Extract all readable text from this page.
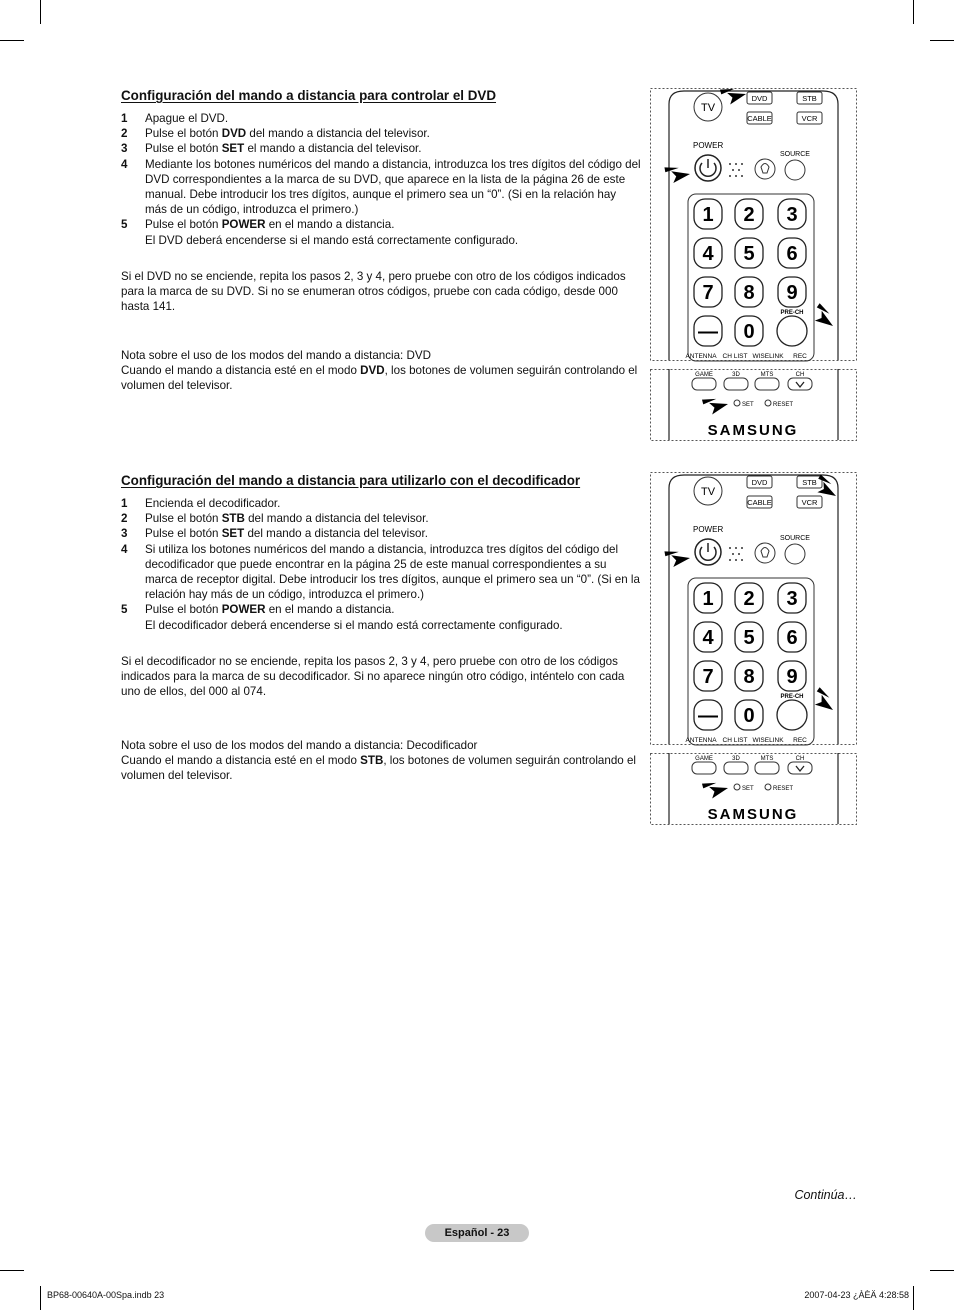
Configuración del mando a distancia para controlar el DVD
1	Apague el DVD.
2	Pulse el botón DVD del mando a distancia del televisor.
3	Pulse el botón SET el mando a distancia del televisor.
4	Mediante los botones numéricos del mando a distancia, introduzca los tres dígitos del código del DVD correspondientes a la marca de su DVD, que aparece en la lista de la página 26 de este manual. Debe introducir los tres dígitos, aunque el primero sea un “0”. (Si en la relación hay más de un código, introduzca el primero.)
5	Pulse el botón POWER en el mando a distancia.
El DVD deberá encenderse si el mando está correctamente configurado.

Si el DVD no se enciende, repita los pasos 2, 3 y 4, pero pruebe con otro de los códigos indicados para la marca de su DVD. Si no se enumeran otros códigos, pruebe con cada código, desde 000 hasta 141.

Nota sobre el uso de los modos del mando a distancia: DVD
Cuando el mando a distancia esté en el modo DVD, los botones de volumen seguirán controlando el volumen del televisor.

TV
DVD	STB
CABLE	VCR
POWER
SOURCE
1 2 3
4 5 6
7 8 9
— 0
PRE-CH
ANTENNA CH LIST WISELINK REC
GAME	3D	MTS	CH
SET	RESET
SAMSUNG
Configuración del mando a distancia para utilizarlo con el decodificador
1	Encienda el decodificador.
2	Pulse el botón STB del mando a distancia del televisor.
3	Pulse el botón SET del mando a distancia del televisor.
4	Si utiliza los botones numéricos del mando a distancia, introduzca tres dígitos del código del decodificador que puede encontrar en la página 25 de este manual correspondientes a su marca de receptor digital. Debe introducir los tres dígitos, aunque el primero sea un “0”. (Si en la relación hay más de un código, introduzca el primero.)
5	Pulse el botón POWER en el mando a distancia.
El decodificador deberá encenderse si el mando está correctamente configurado.

Si el decodificador no se enciende, repita los pasos 2, 3 y 4, pero pruebe con otro de los códigos indicados para la marca de su decodificador. Si no aparece ningún otro código, inténtelo con cada uno de ellos, del 000 al 074.

Nota sobre el uso de los modos del mando a distancia: Decodificador
Cuando el mando a distancia esté en el modo STB, los botones de volumen seguirán controlando el volumen del televisor.

TV
DVD	STB
CABLE	VCR
POWER
SOURCE
1 2 3
4 5 6
7 8 9
— 0
PRE-CH
ANTENNA CH LIST WISELINK REC
GAME	3D	MTS	CH
SET	RESET
SAMSUNG
Continúa…
Español - 23
BP68-00640A-00Spa.indb 23	2007-04-23 ¿ÀÈÄ 4:28:58
